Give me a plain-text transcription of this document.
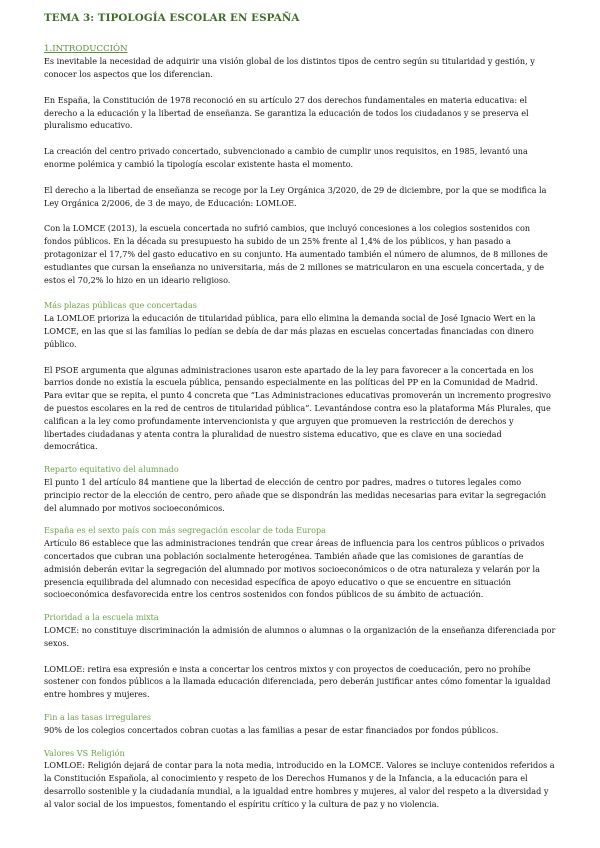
TEMA 3: TIPOLOGÍA ESCOLAR EN ESPAÑA
1.INTRODUCCIÓN

Es inevitable la necesidad de adquirir una visión global de los distintos tipos de centro según su titularidad y gestión, y conocer los aspectos que los diferencian.

En España, la Constitución de 1978 reconoció en su artículo 27 dos derechos fundamentales en materia educativa: el derecho a la educación y la libertad de enseñanza. Se garantiza la educación de todos los ciudadanos y se preserva el pluralismo educativo.

La creación del centro privado concertado, subvencionado a cambio de cumplir unos requisitos, en 1985, levantó una enorme polémica y cambió la tipología escolar existente hasta el momento.

El derecho a la libertad de enseñanza se recoge por la Ley Orgánica 3/2020, de 29 de diciembre, por la que se modifica la Ley Orgánica 2/2006, de 3 de mayo, de Educación: LOMLOE.

Con la LOMCE (2013), la escuela concertada no sufrió cambios, que incluyó concesiones a los colegios sostenidos con fondos públicos. En la década su presupuesto ha subido de un 25% frente al 1,4% de los públicos, y han pasado a protagonizar el 17,7% del gasto educativo en su conjunto. Ha aumentado también el número de alumnos, de 8 millones de estudiantes que cursan la enseñanza no universitaria, más de 2 millones se matricularon en una escuela concertada, y de estos el 70,2% lo hizo en un ideario religioso.

Más plazas públicas que concertadas

La LOMLOE prioriza la educación de titularidad pública, para ello elimina la demanda social de José Ignacio Wert en la LOMCE, en las que si las familias lo pedían se debía de dar más plazas en escuelas concertadas financiadas con dinero público.

El PSOE argumenta que algunas administraciones usaron este apartado de la ley para favorecer a la concertada en los barrios donde no existía la escuela pública, pensando especialmente en las políticas del PP en la Comunidad de Madrid. Para evitar que se repita, el punto 4 concreta que “Las Administraciones educativas promoverán un incremento progresivo de puestos escolares en la red de centros de titularidad pública”. Levantándose contra eso la plataforma Más Plurales, que califican a la ley como profundamente intervencionista y que arguyen que promueven la restricción de derechos y libertades ciudadanas y atenta contra la pluralidad de nuestro sistema educativo, que es clave en una sociedad democrática.

Reparto equitativo del alumnado

El punto 1 del artículo 84 mantiene que la libertad de elección de centro por padres, madres o tutores legales como principio rector de la elección de centro, pero añade que se dispondrán las medidas necesarias para evitar la segregación del alumnado por motivos socioeconómicos.

España es el sexto país con más segregación escolar de toda Europa

Artículo 86 establece que las administraciones tendrán que crear áreas de influencia para los centros públicos o privados concertados que cubran una población socialmente heterogénea. También añade que las comisiones de garantías de admisión deberán evitar la segregación del alumnado por motivos socioeconómicos o de otra naturaleza y velarán por la presencia equilibrada del alumnado con necesidad específica de apoyo educativo o que se encuentre en situación socioeconómica desfavorecida entre los centros sostenidos con fondos públicos de su ámbito de actuación.

Prioridad a la escuela mixta

LOMCE: no constituye discriminación la admisión de alumnos o alumnas o la organización de la enseñanza diferenciada por sexos.

LOMLOE: retira esa expresión e insta a concertar los centros mixtos y con proyectos de coeducación, pero no prohíbe sostener con fondos públicos a la llamada educación diferenciada, pero deberán justificar antes cómo fomentar la igualdad entre hombres y mujeres.

Fin a las tasas irregulares

90% de los colegios concertados cobran cuotas a las familias a pesar de estar financiados por fondos públicos.

Valores VS Religión

LOMLOE: Religión dejará de contar para la nota media, introducido en la LOMCE. Valores se incluye contenidos referidos a la Constitución Española, al conocimiento y respeto de los Derechos Humanos y de la Infancia, a la educación para el desarrollo sostenible y la ciudadanía mundial, a la igualdad entre hombres y mujeres, al valor del respeto a la diversidad y al valor social de los impuestos, fomentando el espíritu crítico y la cultura de paz y no violencia.
